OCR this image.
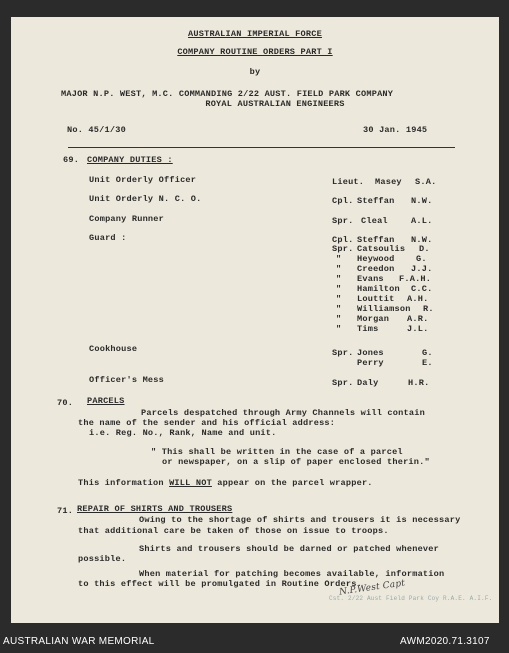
AUSTRALIAN IMPERIAL FORCE
COMPANY ROUTINE ORDERS PART I
by
MAJOR N.P. WEST, M.C. COMMANDING 2/22 AUST. FIELD PARK COMPANY
ROYAL AUSTRALIAN ENGINEERS
No. 45/1/30	30 Jan. 1945
69. COMPANY DUTIES :
Unit Orderly Officer	Lieut. Masey S.A.
Unit Orderly N. C. O.	Cpl. Steffan N.W.
Company Runner	Spr. Cleal	A.L.
Guard :	Cpl. Steffan N.W.
Spr. Catsoulis D.
" Heywood	G.
" Creedon J.J.
" Evans F.A.H.
" Hamilton C.C.
" Louttit A.H.
" Williamson R.
" Morgan A.R.
" Tims	J.L.
Cookhouse	Spr. Jones	G.
Perry	E.
Officer's Mess	Spr. Daly	H.R.
70. PARCELS
Parcels despatched through Army Channels will contain
the name of the sender and his official address:
i.e. Reg. No., Rank, Name and unit.
" This shall be written in the case of a parcel
or newspaper, on a slip of paper enclosed therin."
This information WILL NOT appear on the parcel wrapper.
71. REPAIR OF SHIRTS AND TROUSERS
Owing to the shortage of shirts and trousers it is necessary
that additional care be taken of those on issue to troops.
Shirts and trousers should be darned or patched whenever
possible.
When material for patching becomes available, information
to this effect will be promulgated in Routine Orders.
N.P.West Capt
Cst. 2/22 Aust Field Park Coy R.A.E. A.I.F.
AUSTRALIAN WAR MEMORIAL	AWM2020.71.3107
